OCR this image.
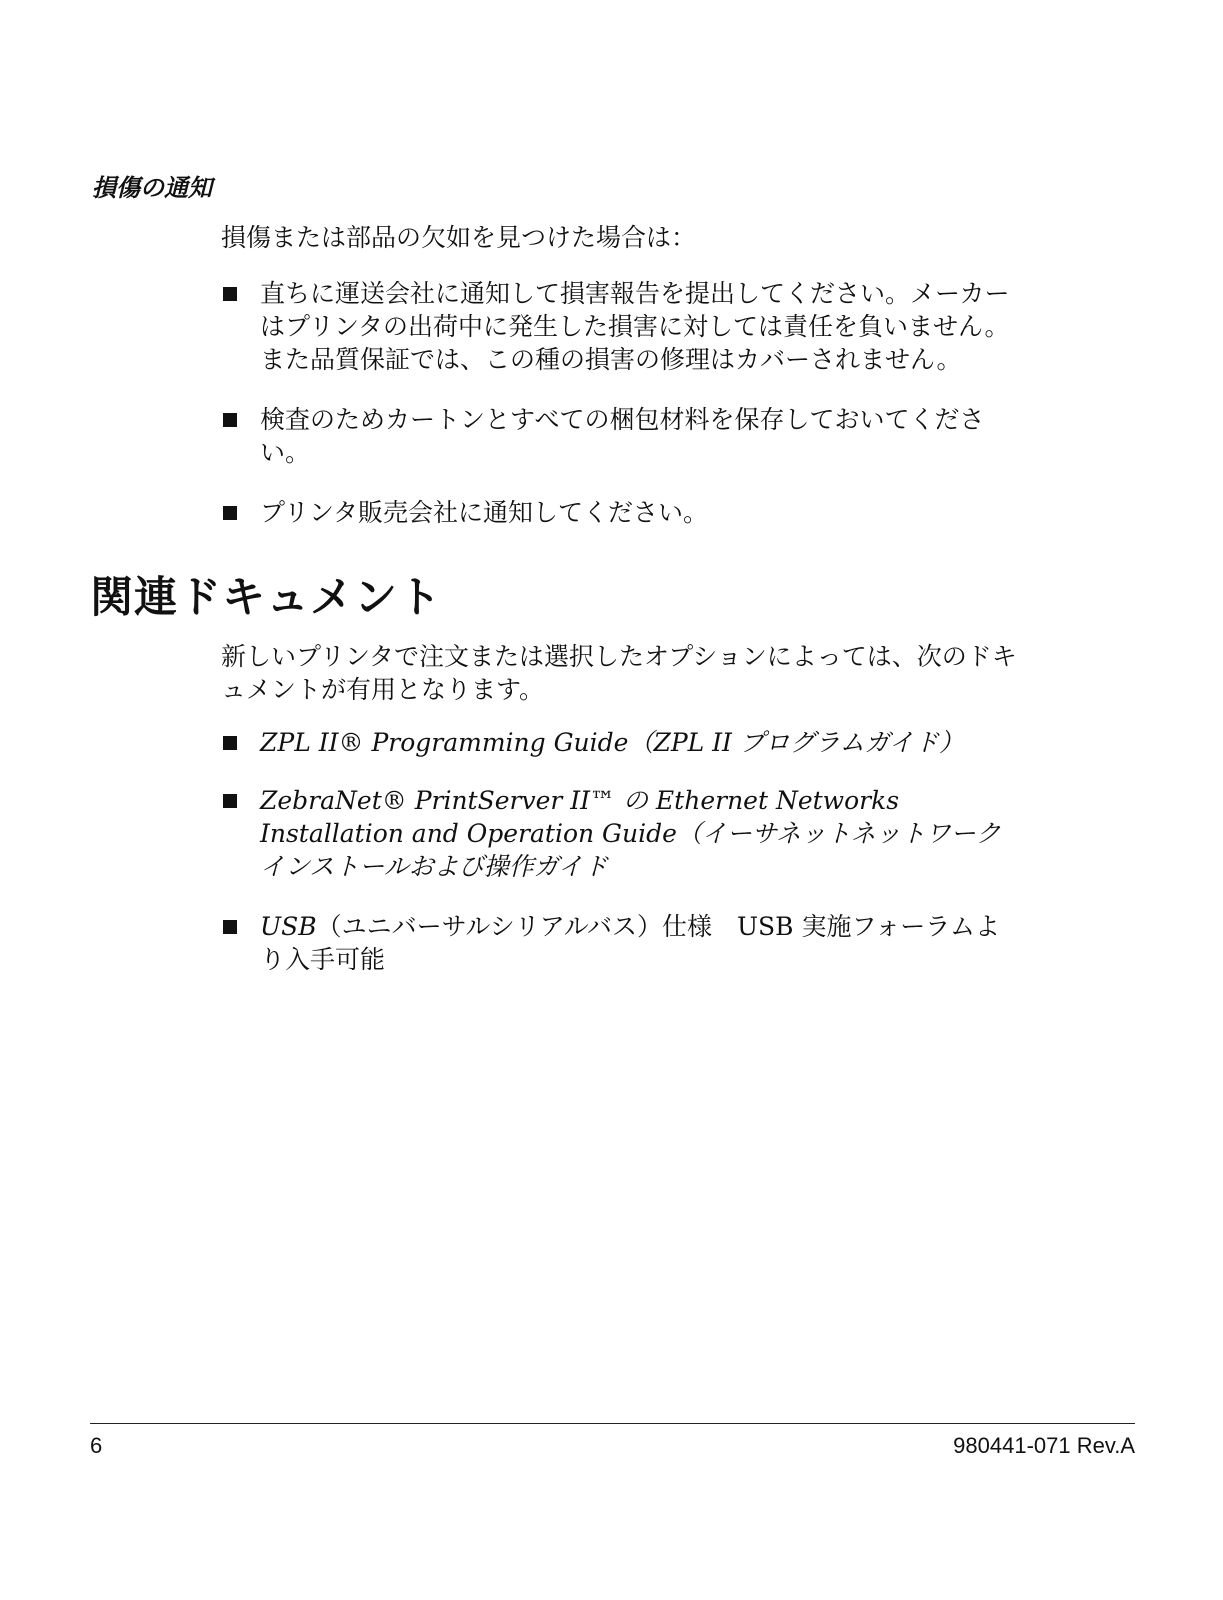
損傷の通知

損傷または部品の欠如を見つけた場合は：

直ちに運送会社に通知して損害報告を提出してください。メーカーはプリンタの出荷中に発生した損害に対しては責任を負いません。また品質保証では、この種の損害の修理はカバーされません。
検査のためカートンとすべての梱包材料を保存しておいてください。
プリンタ販売会社に通知してください。
関連ドキュメント

新しいプリンタで注文または選択したオプションによっては、次のドキュメントが有用となります。

ZPL II® Programming Guide（ZPL II プログラムガイド）
ZebraNet® PrintServer II™ の Ethernet Networks Installation and Operation Guide（イーサネットネットワークインストールおよび操作ガイド
USB（ユニバーサルシリアルバス）仕様　USB 実施フォーラムより入手可能
6	980441-071 Rev.A
